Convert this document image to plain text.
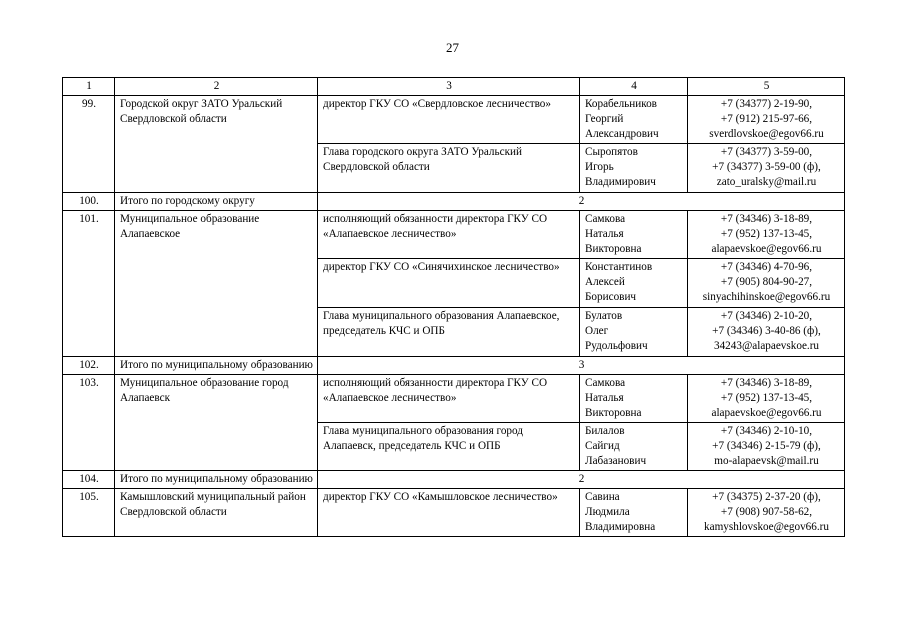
27
1	2	3	4	5
99.	Городской округ ЗАТО Уральский Свердловской области	директор ГКУ СО «Свердловское лесничество»	Корабельников
Георгий
Александрович	+7 (34377) 2-19-90,
+7 (912) 215-97-66,
sverdlovskoe@egov66.ru

		Глава городского округа ЗАТО Уральский Свердловской области	Сыропятов
Игорь
Владимирович	+7 (34377) 3-59-00,
+7 (34377) 3-59-00 (ф),
zato_uralsky@mail.ru

100.	Итого по городскому округу	2		
101.	Муниципальное образование Алапаевское	исполняющий обязанности директора ГКУ СО «Алапаевское лесничество»	Самкова
Наталья
Викторовна	+7 (34346) 3-18-89,
+7 (952) 137-13-45,
alapaevskoe@egov66.ru

		директор ГКУ СО «Синячихинское лесничество»	Константинов
Алексей
Борисович	+7 (34346) 4-70-96,
+7 (905) 804-90-27,
sinyachihinskoe@egov66.ru

		Глава муниципального образования Алапаевское, председатель КЧС и ОПБ	Булатов
Олег
Рудольфович	+7 (34346) 2-10-20,
+7 (34346) 3-40-86 (ф),
34243@alapaevskoe.ru

102.	Итого по муниципальному образованию	3		
103.	Муниципальное образование город Алапаевск	исполняющий обязанности директора ГКУ СО «Алапаевское лесничество»	Самкова
Наталья
Викторовна	+7 (34346) 3-18-89,
+7 (952) 137-13-45,
alapaevskoe@egov66.ru

		Глава муниципального образования город Алапаевск, председатель КЧС и ОПБ	Билалов
Сайгид
Лабазанович	+7 (34346) 2-10-10,
+7 (34346) 2-15-79 (ф),
mo-alapaevsk@mail.ru

104.	Итого по муниципальному образованию	2		
105.	Камышловский муниципальный район Свердловской области	директор ГКУ СО «Камышловское лесничество»	Савина
Людмила
Владимировна	+7 (34375) 2-37-20 (ф),
+7 (908) 907-58-62,
kamyshlovskoe@egov66.ru
